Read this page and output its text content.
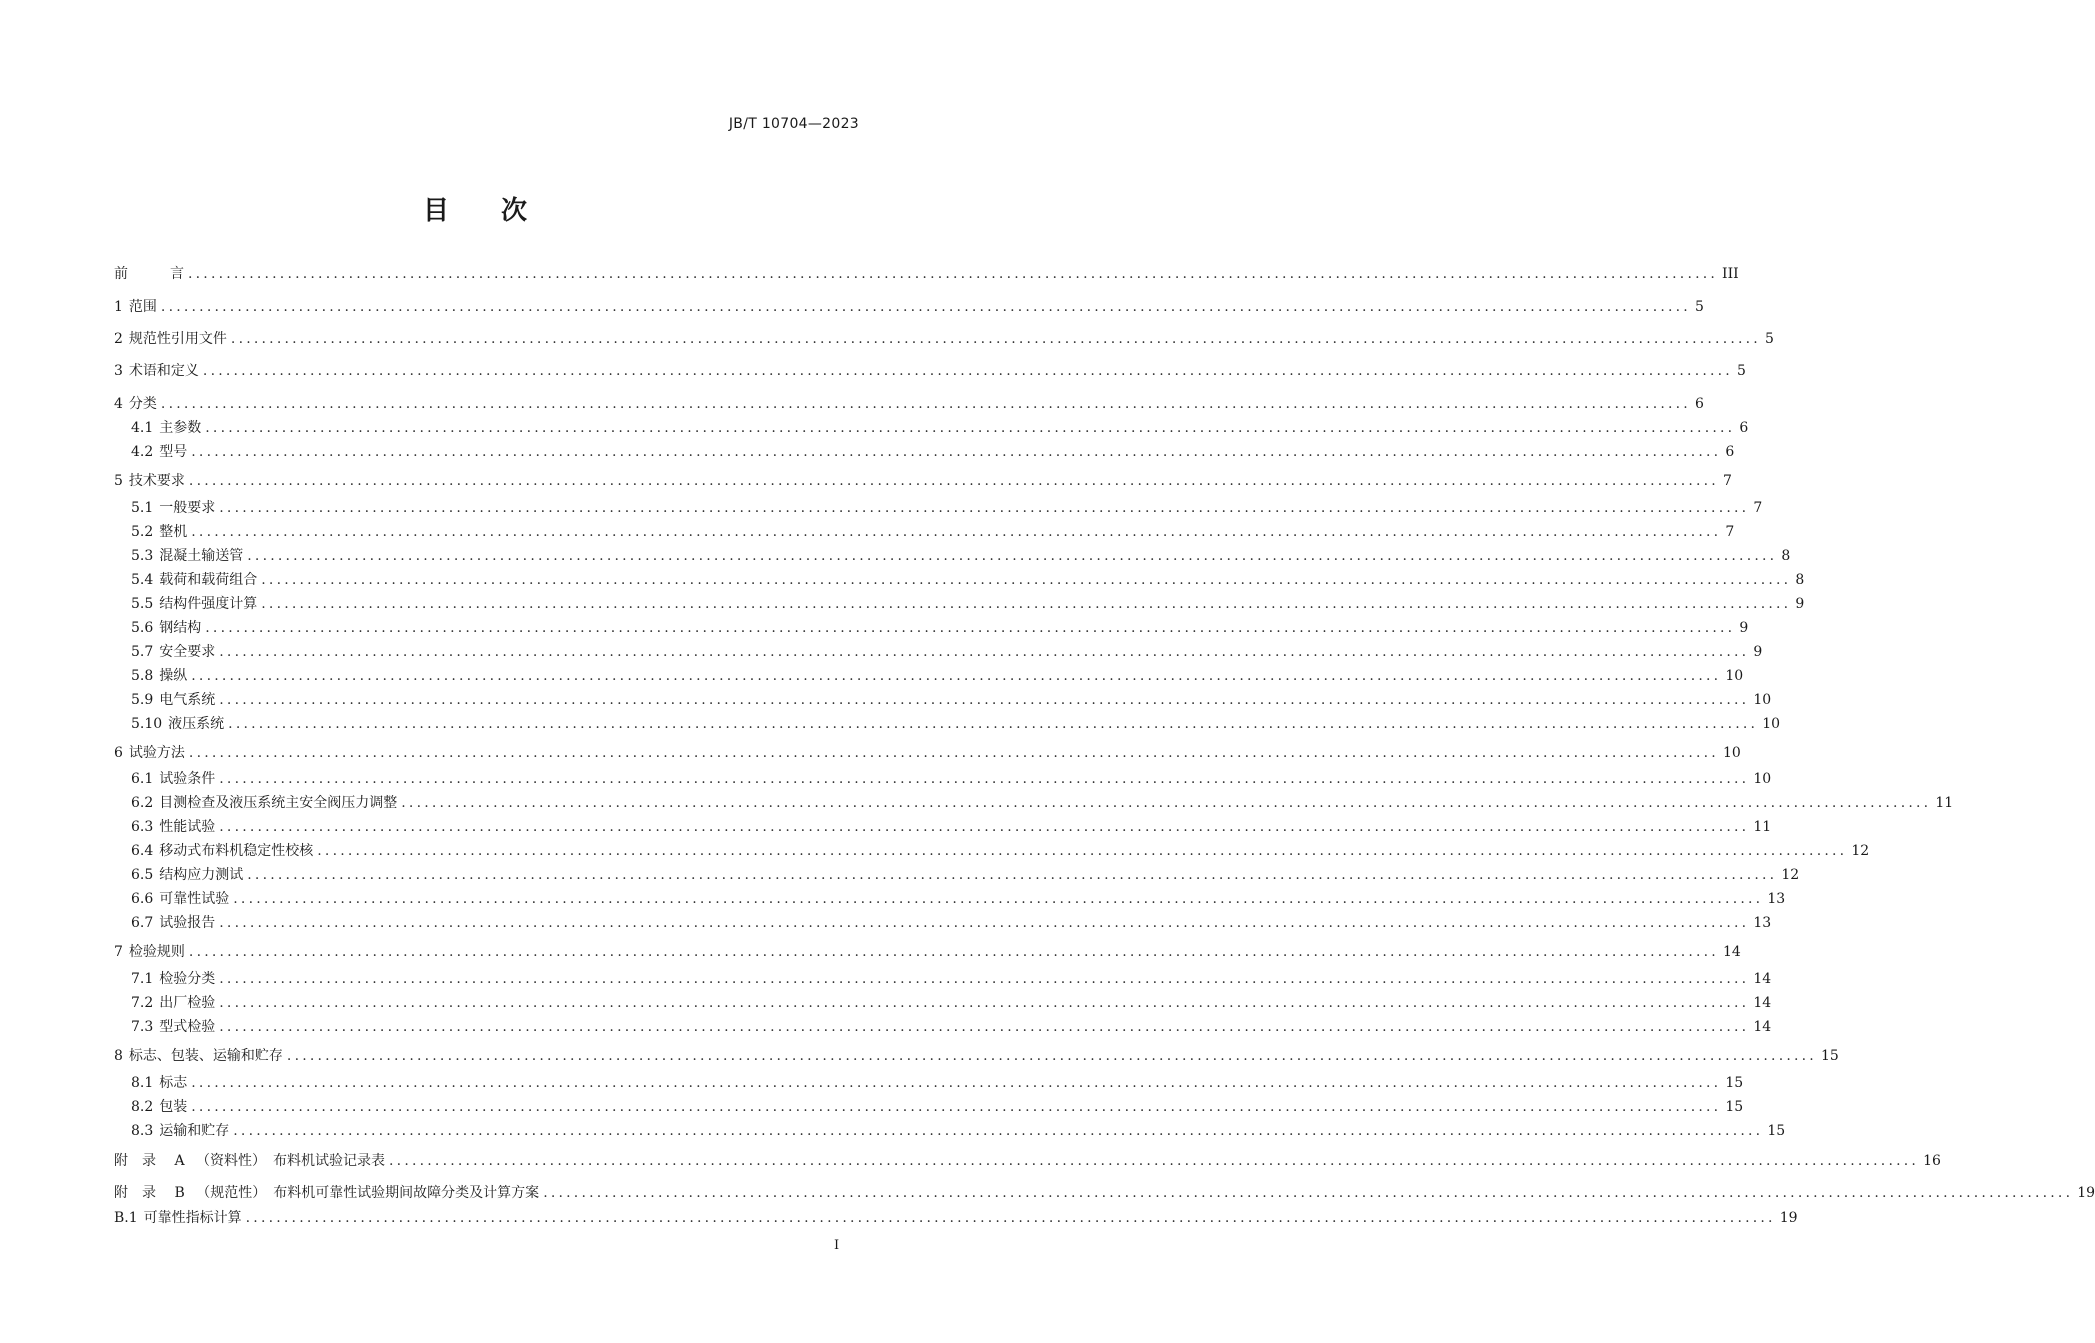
JB/T 10704—2023
目 次
前　　　言 ........................................................................................................................................................................................................ III
1 范围 ........................................................................................................................................................................................................ 5
2 规范性引用文件 ........................................................................................................................................................................................................ 5
3 术语和定义 ........................................................................................................................................................................................................ 5
4 分类 ........................................................................................................................................................................................................ 6
4.1 主参数 ........................................................................................................................................................................................................ 6
4.2 型号 ........................................................................................................................................................................................................ 6
5 技术要求 ........................................................................................................................................................................................................ 7
5.1 一般要求 ........................................................................................................................................................................................................ 7
5.2 整机 ........................................................................................................................................................................................................ 7
5.3 混凝土输送管 ........................................................................................................................................................................................................ 8
5.4 载荷和载荷组合 ........................................................................................................................................................................................................ 8
5.5 结构件强度计算 ........................................................................................................................................................................................................ 9
5.6 钢结构 ........................................................................................................................................................................................................ 9
5.7 安全要求 ........................................................................................................................................................................................................ 9
5.8 操纵 ........................................................................................................................................................................................................ 10
5.9 电气系统 ........................................................................................................................................................................................................ 10
5.10 液压系统 ........................................................................................................................................................................................................ 10
6 试验方法 ........................................................................................................................................................................................................ 10
6.1 试验条件 ........................................................................................................................................................................................................ 10
6.2 目测检查及液压系统主安全阀压力调整 ........................................................................................................................................................................................................ 11
6.3 性能试验 ........................................................................................................................................................................................................ 11
6.4 移动式布料机稳定性校核 ........................................................................................................................................................................................................ 12
6.5 结构应力测试 ........................................................................................................................................................................................................ 12
6.6 可靠性试验 ........................................................................................................................................................................................................ 13
6.7 试验报告 ........................................................................................................................................................................................................ 13
7 检验规则 ........................................................................................................................................................................................................ 14
7.1 检验分类 ........................................................................................................................................................................................................ 14
7.2 出厂检验 ........................................................................................................................................................................................................ 14
7.3 型式检验 ........................................................................................................................................................................................................ 14
8 标志、包装、运输和贮存 ........................................................................................................................................................................................................ 15
8.1 标志 ........................................................................................................................................................................................................ 15
8.2 包装 ........................................................................................................................................................................................................ 15
8.3 运输和贮存 ........................................................................................................................................................................................................ 15
附　录　 A 　（资料性）　布料机试验记录表 ........................................................................................................................................................................................................ 16
附　录　 B 　（规范性）　布料机可靠性试验期间故障分类及计算方案 ........................................................................................................................................................................................................ 19
B.1 可靠性指标计算 ........................................................................................................................................................................................................ 19
I
